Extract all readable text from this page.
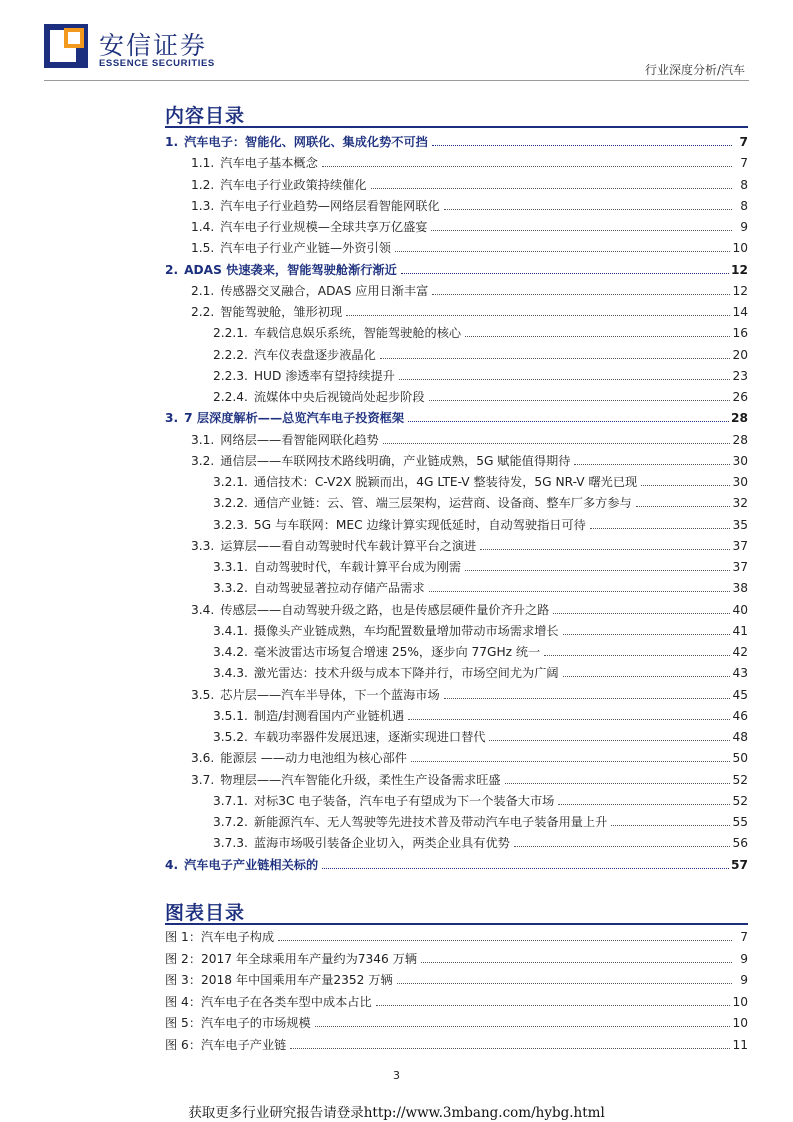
安信证券
ESSENCE SECURITIES	行业深度分析/汽车
内容目录
1. 汽车电子：智能化、网联化、集成化势不可挡	7
1.1. 汽车电子基本概念	7
1.2. 汽车电子行业政策持续催化	8
1.3. 汽车电子行业趋势—网络层看智能网联化	8
1.4. 汽车电子行业规模—全球共享万亿盛宴	9
1.5. 汽车电子行业产业链—外资引领	10
2. ADAS 快速袭来，智能驾驶舱渐行渐近	12
2.1. 传感器交叉融合，ADAS 应用日渐丰富	12
2.2. 智能驾驶舱，雏形初现	14
2.2.1. 车载信息娱乐系统，智能驾驶舱的核心	16
2.2.2. 汽车仪表盘逐步液晶化	20
2.2.3. HUD 渗透率有望持续提升	23
2.2.4. 流媒体中央后视镜尚处起步阶段	26
3. 7 层深度解析——总览汽车电子投资框架	28
3.1. 网络层——看智能网联化趋势	28
3.2. 通信层——车联网技术路线明确，产业链成熟，5G 赋能值得期待	30
3.2.1. 通信技术：C-V2X 脱颖而出，4G LTE-V 整装待发，5G NR-V 曙光已现	30
3.2.2. 通信产业链：云、管、端三层架构，运营商、设备商、整车厂多方参与	32
3.2.3. 5G 与车联网：MEC 边缘计算实现低延时，自动驾驶指日可待	35
3.3. 运算层——看自动驾驶时代车载计算平台之演进	37
3.3.1. 自动驾驶时代，车载计算平台成为刚需	37
3.3.2. 自动驾驶显著拉动存储产品需求	38
3.4. 传感层——自动驾驶升级之路，也是传感层硬件量价齐升之路	40
3.4.1. 摄像头产业链成熟，车均配置数量增加带动市场需求增长	41
3.4.2. 毫米波雷达市场复合增速 25%，逐步向 77GHz 统一	42
3.4.3. 激光雷达：技术升级与成本下降并行，市场空间尤为广阔	43
3.5. 芯片层——汽车半导体，下一个蓝海市场	45
3.5.1. 制造/封测看国内产业链机遇	46
3.5.2. 车载功率器件发展迅速，逐渐实现进口替代	48
3.6. 能源层 ——动力电池组为核心部件	50
3.7. 物理层——汽车智能化升级，柔性生产设备需求旺盛	52
3.7.1. 对标3C 电子装备，汽车电子有望成为下一个装备大市场	52
3.7.2. 新能源汽车、无人驾驶等先进技术普及带动汽车电子装备用量上升	55
3.7.3. 蓝海市场吸引装备企业切入，两类企业具有优势	56
4. 汽车电子产业链相关标的	57
图表目录
图 1：汽车电子构成	7
图 2：2017 年全球乘用车产量约为7346 万辆	9
图 3：2018 年中国乘用车产量2352 万辆	9
图 4：汽车电子在各类车型中成本占比	10
图 5：汽车电子的市场规模	10
图 6：汽车电子产业链	11
3
获取更多行业研究报告请登录http://www.3mbang.com/hybg.html
